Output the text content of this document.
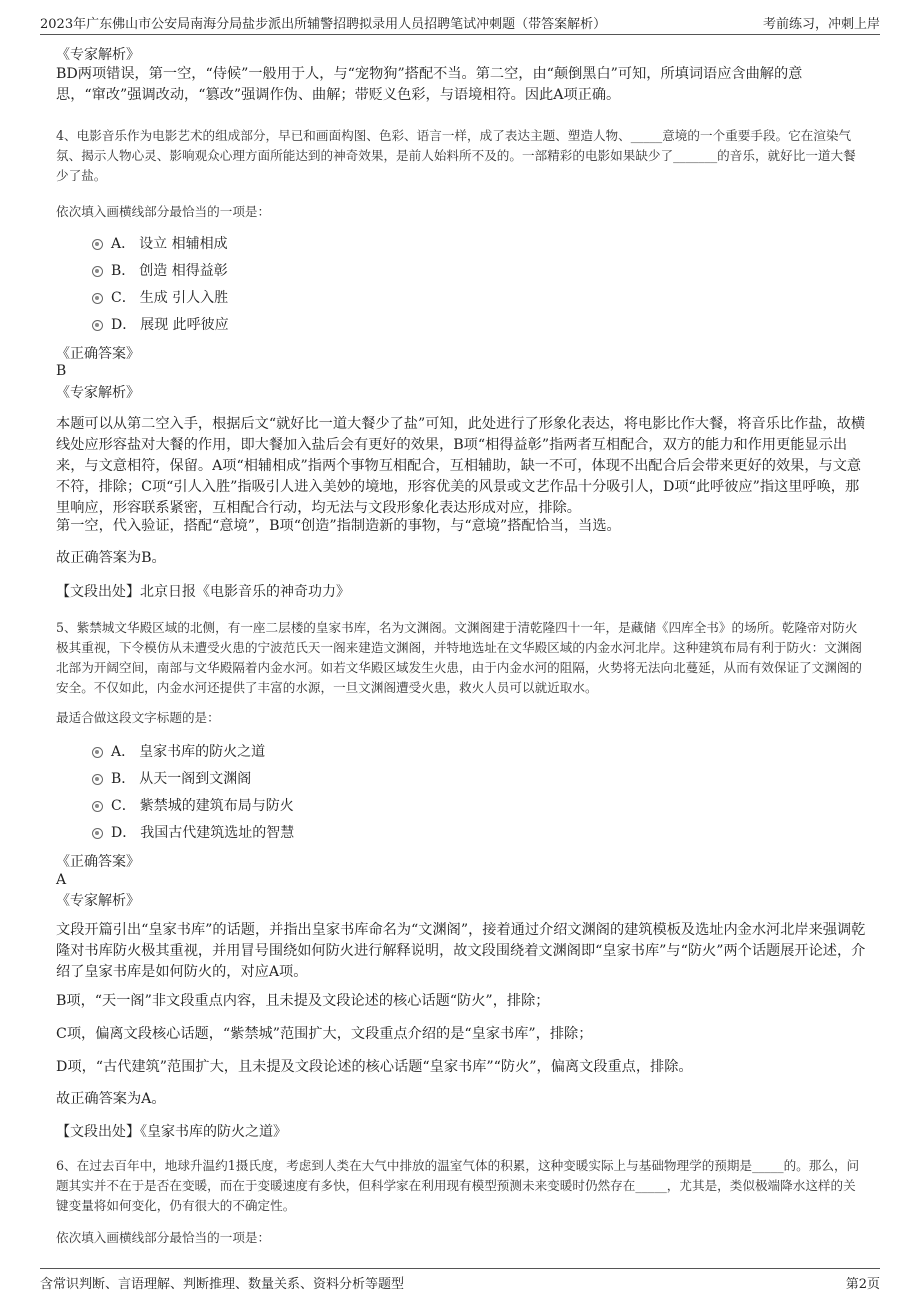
2023年广东佛山市公安局南海分局盐步派出所辅警招聘拟录用人员招聘笔试冲刺题（带答案解析）	考前练习，冲刺上岸
《专家解析》
BD两项错误，第一空，“侍候”一般用于人，与“宠物狗”搭配不当。第二空，由“颠倒黑白”可知，所填词语应含曲解的意思，“窜改”强调改动，“篡改”强调作伪、曲解；带贬义色彩，与语境相符。因此A项正确。
4、电影音乐作为电影艺术的组成部分，早已和画面构图、色彩、语言一样，成了表达主题、塑造人物、_____意境的一个重要手段。它在渲染气氛、揭示人物心灵、影响观众心理方面所能达到的神奇效果，是前人始料所不及的。一部精彩的电影如果缺少了_______的音乐，就好比一道大餐少了盐。
依次填入画横线部分最恰当的一项是：
A． 设立 相辅相成
B． 创造 相得益彰
C． 生成 引人入胜
D． 展现 此呼彼应
《正确答案》
B
《专家解析》
本题可以从第二空入手，根据后文“就好比一道大餐少了盐”可知，此处进行了形象化表达，将电影比作大餐，将音乐比作盐，故横线处应形容盐对大餐的作用，即大餐加入盐后会有更好的效果，B项“相得益彰”指两者互相配合，双方的能力和作用更能显示出来，与文意相符，保留。A项“相辅相成”指两个事物互相配合，互相辅助，缺一不可，体现不出配合后会带来更好的效果，与文意不符，排除；C项“引人入胜”指吸引人进入美妙的境地，形容优美的风景或文艺作品十分吸引人，D项“此呼彼应”指这里呼唤，那里响应，形容联系紧密，互相配合行动，均无法与文段形象化表达形成对应，排除。
第一空，代入验证，搭配“意境”，B项“创造”指制造新的事物，与“意境”搭配恰当，当选。
故正确答案为B。
【文段出处】北京日报《电影音乐的神奇功力》
5、紫禁城文华殿区域的北侧，有一座二层楼的皇家书库，名为文渊阁。文渊阁建于清乾隆四十一年，是藏储《四库全书》的场所。乾隆帝对防火极其重视，下令模仿从未遭受火患的宁波范氏天一阁来建造文渊阁，并特地选址在文华殿区域的内金水河北岸。这种建筑布局有利于防火：文渊阁北部为开阔空间，南部与文华殿隔着内金水河。如若文华殿区域发生火患，由于内金水河的阻隔，火势将无法向北蔓延，从而有效保证了文渊阁的安全。不仅如此，内金水河还提供了丰富的水源，一旦文渊阁遭受火患，救火人员可以就近取水。
最适合做这段文字标题的是：
A． 皇家书库的防火之道
B． 从天一阁到文渊阁
C． 紫禁城的建筑布局与防火
D． 我国古代建筑选址的智慧
《正确答案》
A
《专家解析》
文段开篇引出“皇家书库”的话题，并指出皇家书库命名为“文渊阁”，接着通过介绍文渊阁的建筑模板及选址内金水河北岸来强调乾隆对书库防火极其重视，并用冒号围绕如何防火进行解释说明，故文段围绕着文渊阁即“皇家书库”与“防火”两个话题展开论述，介绍了皇家书库是如何防火的，对应A项。
B项，“天一阁”非文段重点内容，且未提及文段论述的核心话题“防火”，排除；
C项，偏离文段核心话题，“紫禁城”范围扩大，文段重点介绍的是“皇家书库”，排除；
D项，“古代建筑”范围扩大，且未提及文段论述的核心话题“皇家书库”“防火”，偏离文段重点，排除。
故正确答案为A。
【文段出处】《皇家书库的防火之道》
6、在过去百年中，地球升温约1摄氏度，考虑到人类在大气中排放的温室气体的积累，这种变暖实际上与基础物理学的预期是_____的。那么，问题其实并不在于是否在变暖，而在于变暖速度有多快，但科学家在利用现有模型预测未来变暖时仍然存在_____，尤其是，类似极端降水这样的关键变量将如何变化，仍有很大的不确定性。
依次填入画横线部分最恰当的一项是：
含常识判断、言语理解、判断推理、数量关系、资料分析等题型	第2页
